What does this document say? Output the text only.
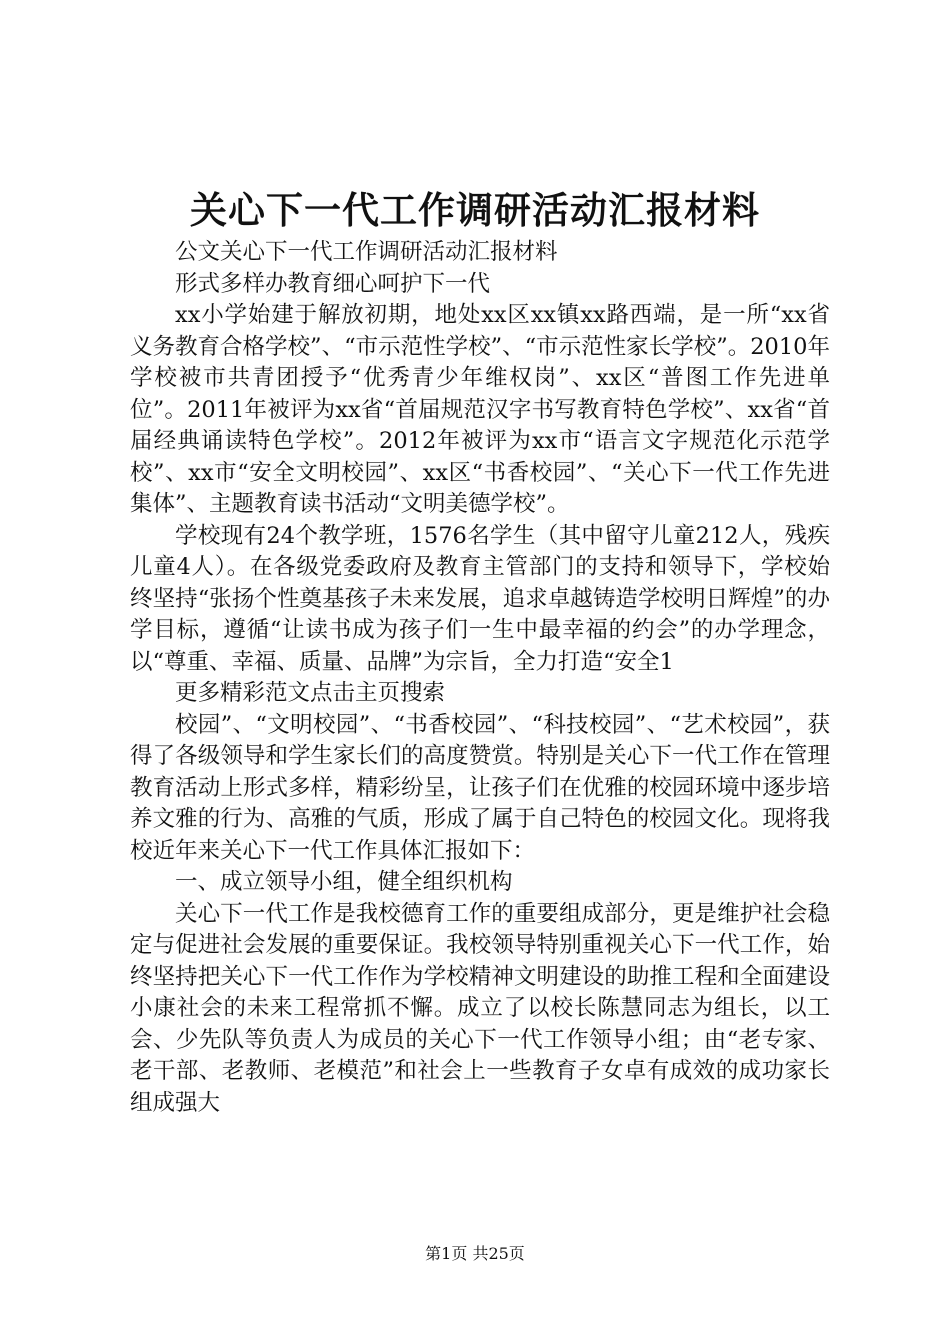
关心下一代工作调研活动汇报材料

公文关心下一代工作调研活动汇报材料

形式多样办教育细心呵护下一代

xx小学始建于解放初期，地处xx区xx镇xx路西端，是一所“xx省义务教育合格学校”、“市示范性学校”、“市示范性家长学校”。2010年学校被市共青团授予“优秀青少年维权岗”、xx区“普图工作先进单位”。2011年被评为xx省“首届规范汉字书写教育特色学校”、xx省“首届经典诵读特色学校”。2012年被评为xx市“语言文字规范化示范学校”、xx市“安全文明校园”、xx区“书香校园”、“关心下一代工作先进集体”、主题教育读书活动“文明美德学校”。

学校现有24个教学班，1576名学生（其中留守儿童212人，残疾儿童4人）。在各级党委政府及教育主管部门的支持和领导下，学校始终坚持“张扬个性奠基孩子未来发展，追求卓越铸造学校明日辉煌”的办学目标，遵循“让读书成为孩子们一生中最幸福的约会”的办学理念，以“尊重、幸福、质量、品牌”为宗旨，全力打造“安全1

更多精彩范文点击主页搜索

校园”、“文明校园”、“书香校园”、“科技校园”、“艺术校园”，获得了各级领导和学生家长们的高度赞赏。特别是关心下一代工作在管理教育活动上形式多样，精彩纷呈，让孩子们在优雅的校园环境中逐步培养文雅的行为、高雅的气质，形成了属于自己特色的校园文化。现将我校近年来关心下一代工作具体汇报如下：

一、成立领导小组，健全组织机构

关心下一代工作是我校德育工作的重要组成部分，更是维护社会稳定与促进社会发展的重要保证。我校领导特别重视关心下一代工作，始终坚持把关心下一代工作作为学校精神文明建设的助推工程和全面建设小康社会的未来工程常抓不懈。成立了以校长陈慧同志为组长，以工会、少先队等负责人为成员的关心下一代工作领导小组；由“老专家、老干部、老教师、老模范”和社会上一些教育子女卓有成效的成功家长组成强大

第1页 共25页
